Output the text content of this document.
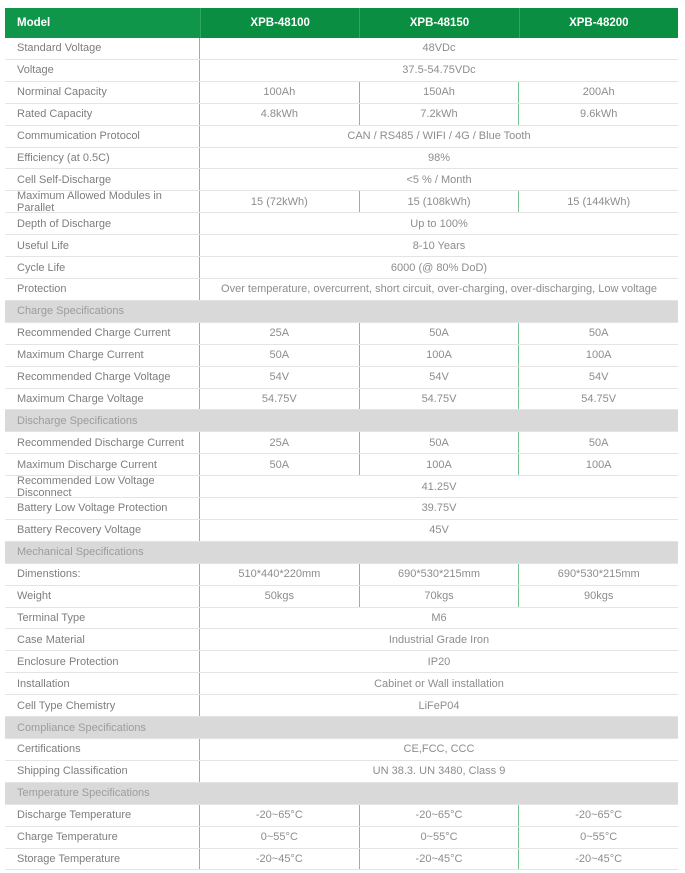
Model	XPB-48100	XPB-48150	XPB-48200
Standard Voltage	48VDc
Voltage	37.5-54.75VDc
Norminal Capacity	100Ah	150Ah	200Ah
Rated Capacity	4.8kWh	7.2kWh	9.6kWh
Commumication Protocol	CAN / RS485 / WIFI / 4G / Blue Tooth
Efficiency (at 0.5C)	98%
Cell Self-Discharge	<5 % / Month
Maximum Allowed Modules in Parallet	15 (72kWh)	15 (108kWh)	15 (144kWh)
Depth of Discharge	Up to 100%
Useful Life	8-10 Years
Cycle Life	6000 (@ 80% DoD)
Protection	Over temperature, overcurrent, short circuit, over-charging, over-discharging, Low voltage
Charge Specifications
Recommended Charge Current	25A	50A	50A
Maximum Charge Current	50A	100A	100A
Recommended Charge Voltage	54V	54V	54V
Maximum Charge Voltage	54.75V	54.75V	54.75V
Discharge Specifications
Recommended Discharge Current	25A	50A	50A
Maximum Discharge Current	50A	100A	100A
Recommended Low Voltage Disconnect	41.25V
Battery Low Voltage Protection	39.75V
Battery Recovery Voltage	45V
Mechanical Specifications
Dimenstions:	510*440*220mm	690*530*215mm	690*530*215mm
Weight	50kgs	70kgs	90kgs
Terminal Type	M6
Case Material	Industrial Grade Iron
Enclosure Protection	IP20
Installation	Cabinet or Wall installation
Cell Type Chemistry	LiFeP04
Compliance Specifications
Certifications	CE,FCC, CCC
Shipping Classification	UN 38.3. UN 3480, Class 9
Temperature Specifications
Discharge Temperature	-20~65°C	-20~65°C	-20~65°C
Charge Temperature	0~55°C	0~55°C	0~55°C
Storage Temperature	-20~45°C	-20~45°C	-20~45°C
